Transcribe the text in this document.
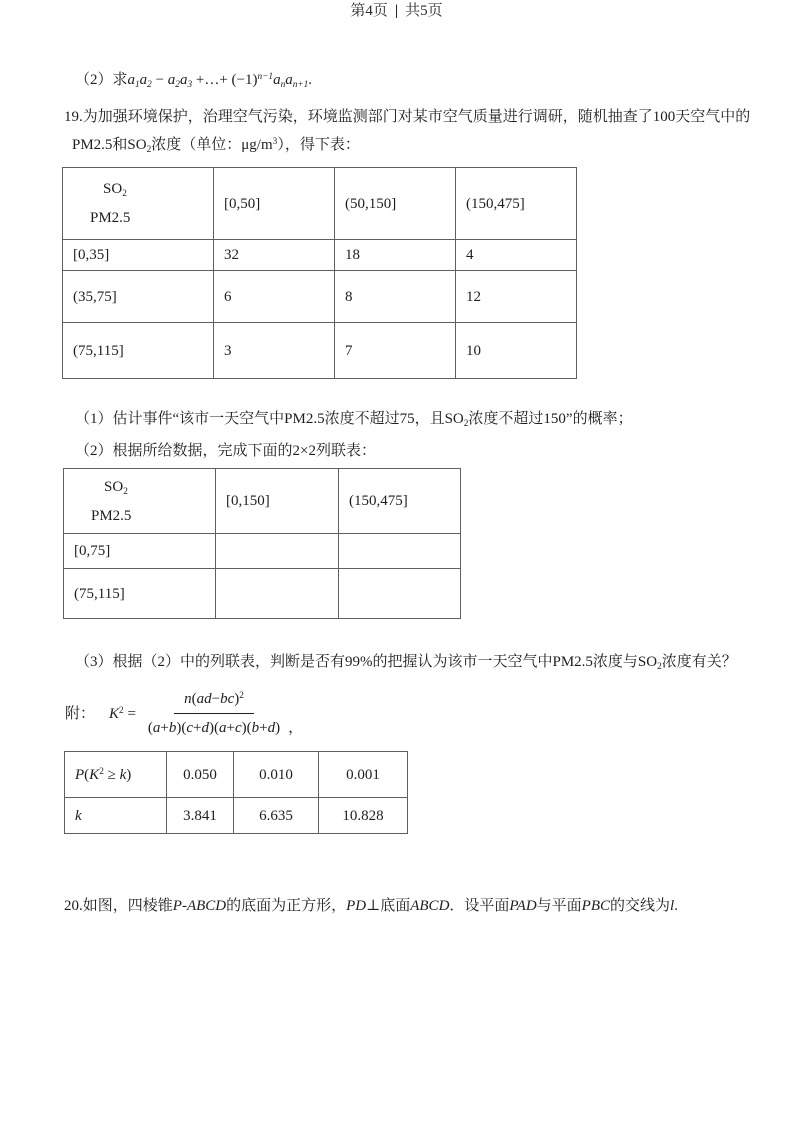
（2）求$a_1a_2 - a_2a_3$ +…+ $(-1)^{n-1}a_na_{n+1}$.
19.为加强环境保护，治理空气污染，环境监测部门对某市空气质量进行调研，随机抽查了100天空气中的
PM2.5和$SO_2$浓度（单位：$\mu g/m^3$），得下表：
$SO_2$
PM2.5	[0,50]	(50,150]	(150,475]
[0,35]	32	18	4
(35,75]	6	8	12
(75,115]	3	7	10
（1）估计事件“该市一天空气中PM2.5浓度不超过75，且$SO_2$浓度不超过150”的概率；
（2）根据所给数据，完成下面的2×2列联表：
$SO_2$
PM2.5	[0,150]	(150,475]
[0,75]		
(75,115]		
（3）根据（2）中的列联表，判断是否有99%的把握认为该市一天空气中PM2.5浓度与$SO_2$浓度有关？
附： $K^2 = \frac{n(ad-bc)^2}{(a+b)(c+d)(a+c)(b+d)}$ ，
$P(K^2 \ge k)$	0.050	0.010	0.001
k	3.841	6.635	10.828
20.如图，四棱锥P-ABCD的底面为正方形，PD⊥底面ABCD．设平面PAD与平面PBC的交线为l.
第4页 | 共5页
